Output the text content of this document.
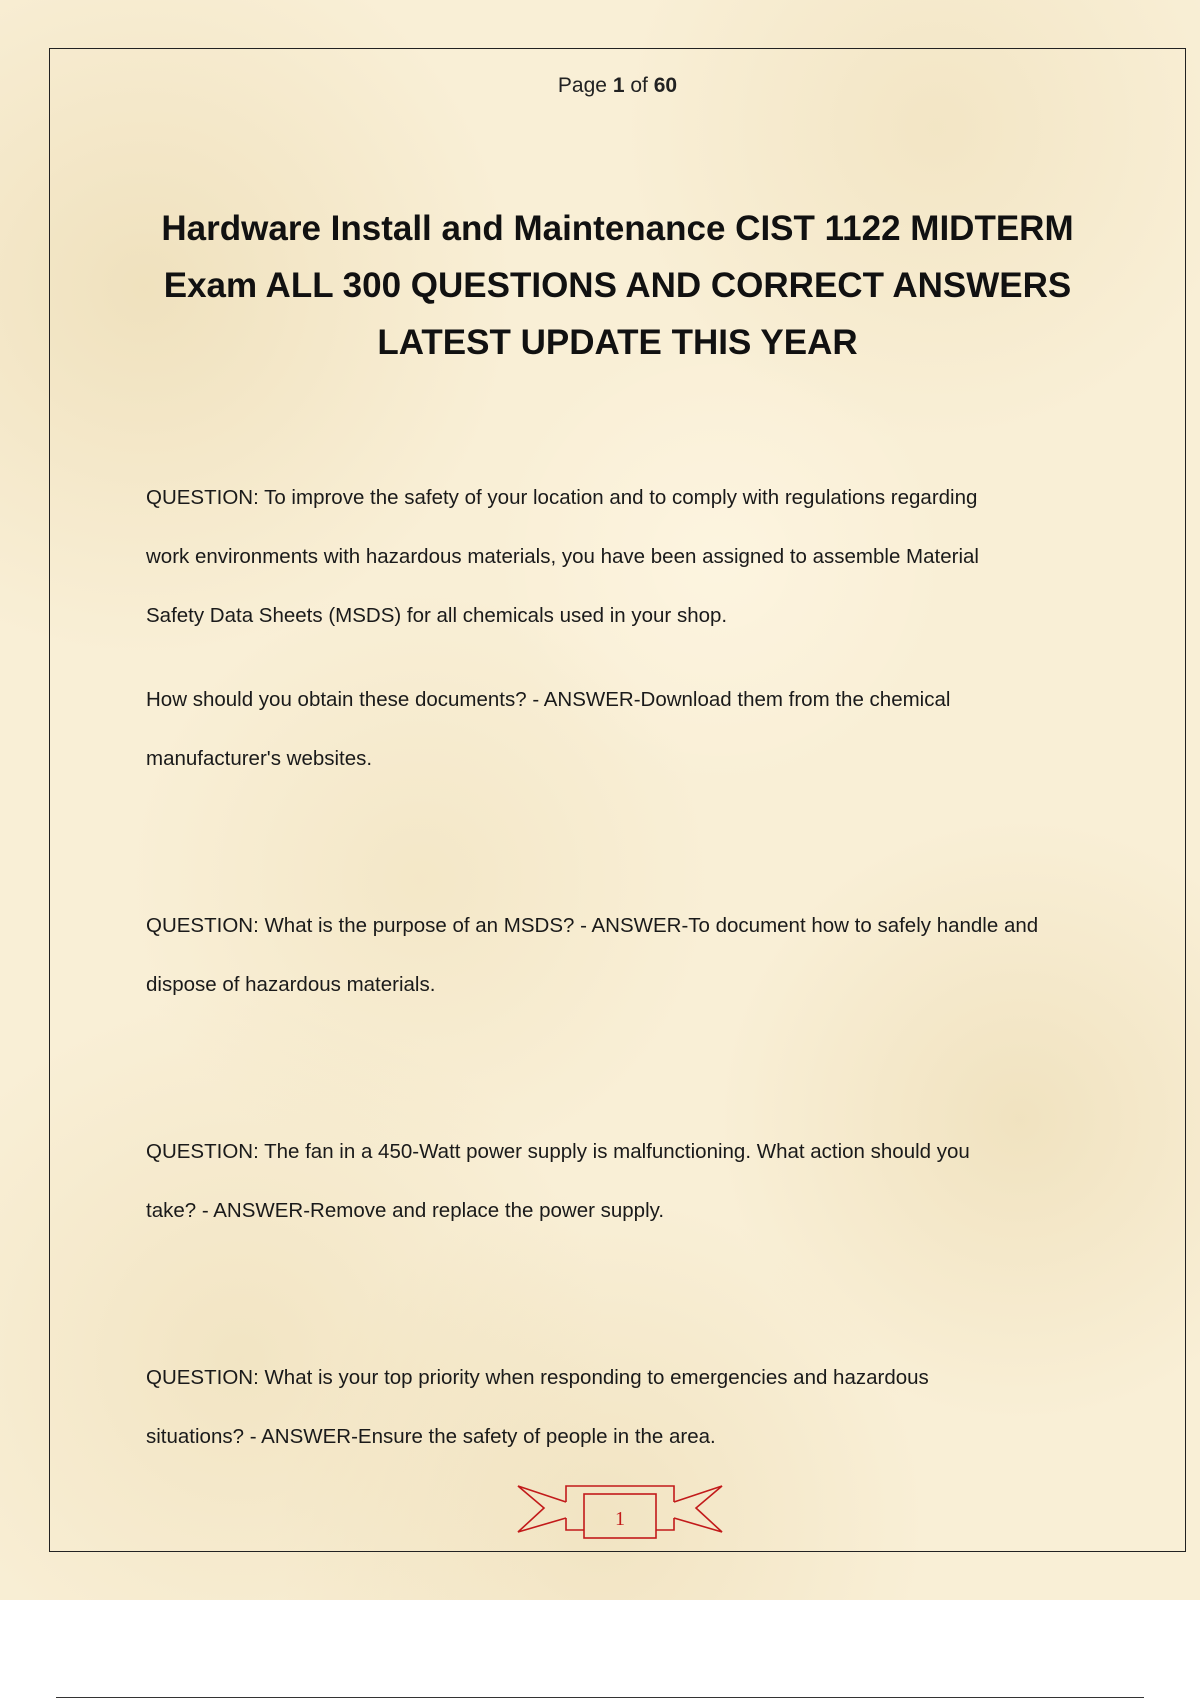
Page 1 of 60
Hardware Install and Maintenance CIST 1122 MIDTERM
Exam ALL 300 QUESTIONS AND CORRECT ANSWERS
LATEST UPDATE THIS YEAR

QUESTION: To improve the safety of your location and to comply with regulations regarding
work environments with hazardous materials, you have been assigned to assemble Material
Safety Data Sheets (MSDS) for all chemicals used in your shop.

How should you obtain these documents? - ANSWER-Download them from the chemical
manufacturer's websites.

QUESTION: What is the purpose of an MSDS? - ANSWER-To document how to safely handle and
dispose of hazardous materials.

QUESTION: The fan in a 450-Watt power supply is malfunctioning. What action should you
take? - ANSWER-Remove and replace the power supply.

QUESTION: What is your top priority when responding to emergencies and hazardous
situations? - ANSWER-Ensure the safety of people in the area.

1
